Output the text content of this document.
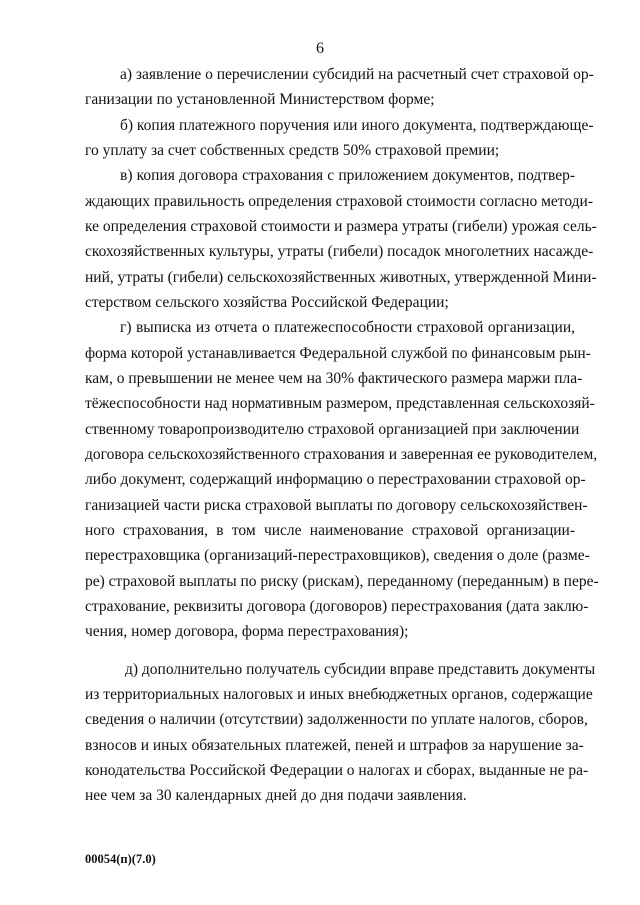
6
а) заявление о перечислении субсидий на расчетный счет страховой ор-
ганизации по установленной Министерством форме;
б) копия платежного поручения или иного документа, подтверждающе-
го уплату за счет собственных средств 50% страховой премии;
в) копия договора страхования с приложением документов, подтвер-
ждающих правильность определения страховой стоимости согласно методи-
ке определения страховой стоимости и размера утраты (гибели) урожая сель-
скохозяйственных культуры, утраты (гибели) посадок многолетних насажде-
ний, утраты (гибели) сельскохозяйственных животных, утвержденной Мини-
стерством сельского хозяйства Российской Федерации;
г) выписка из отчета о платежеспособности страховой организации,
форма которой устанавливается Федеральной службой по финансовым рын-
кам, о превышении не менее чем на 30% фактического размера маржи пла-
тёжеспособности над нормативным размером, представленная сельскохозяй-
ственному товаропроизводителю страховой организацией при заключении
договора сельскохозяйственного страхования и заверенная ее руководителем,
либо документ, содержащий информацию о перестраховании страховой ор-
ганизацией части риска страховой выплаты по договору сельскохозяйствен-
ного страхования, в том числе наименование страховой организации-
перестраховщика (организаций-перестраховщиков), сведения о доле (разме-
ре) страховой выплаты по риску (рискам), переданному (переданным) в пере-
страхование, реквизиты договора (договоров) перестрахования (дата заклю-
чения, номер договора, форма перестрахования);
д) дополнительно получатель субсидии вправе представить документы
из территориальных налоговых и иных внебюджетных органов, содержащие
сведения о наличии (отсутствии) задолженности по уплате налогов, сборов,
взносов и иных обязательных платежей, пеней и штрафов за нарушение за-
конодательства Российской Федерации о налогах и сборах, выданные не ра-
нее чем за 30 календарных дней до дня подачи заявления.
00054(п)(7.0)
